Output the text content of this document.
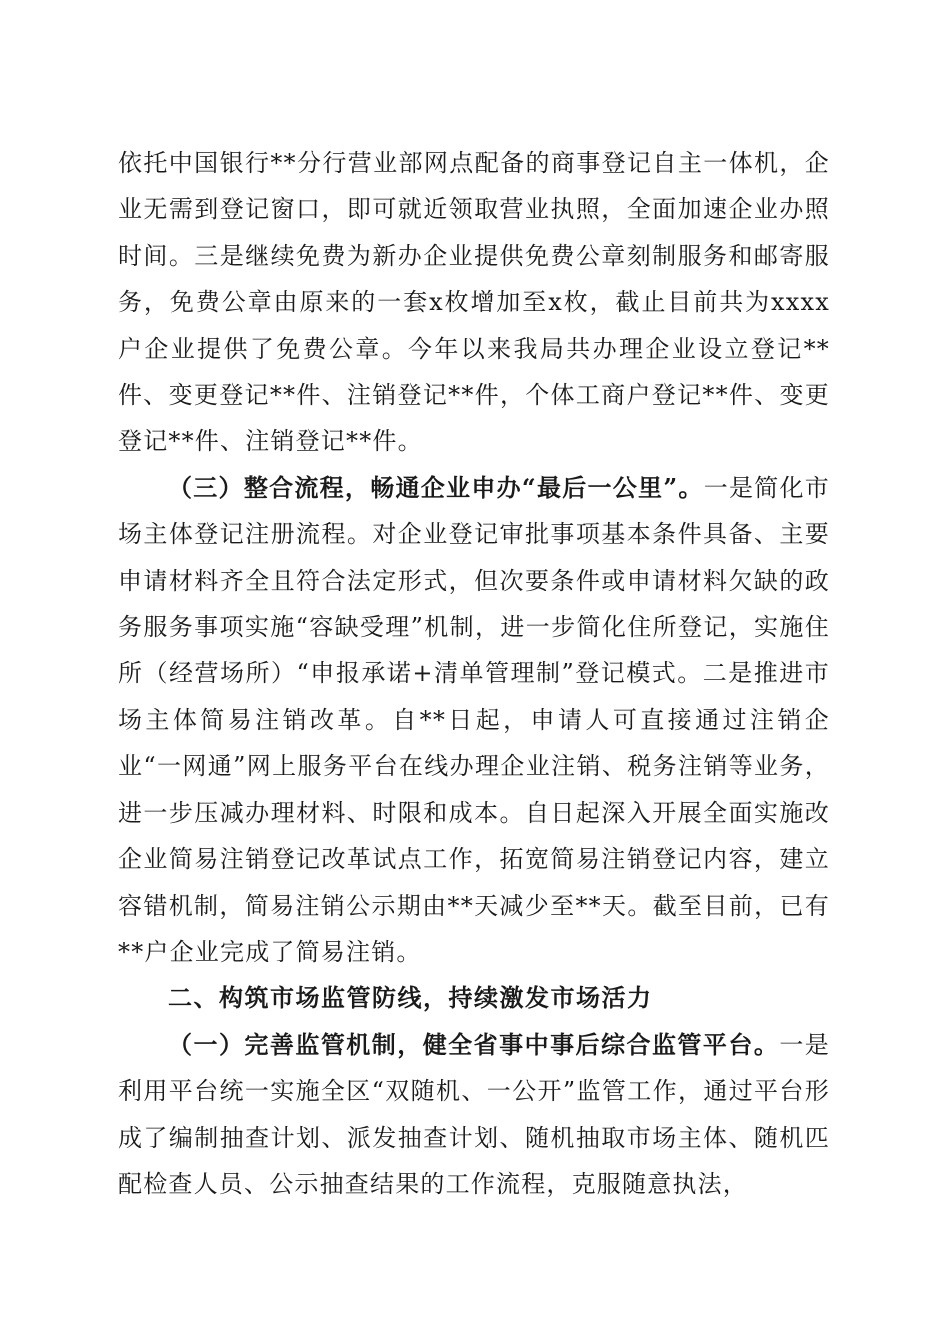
依托中国银行**分行营业部网点配备的商事登记自主一体机，企业无需到登记窗口，即可就近领取营业执照，全面加速企业办照时间。三是继续免费为新办企业提供免费公章刻制服务和邮寄服务，免费公章由原来的一套x枚增加至x枚，截止目前共为xxxx户企业提供了免费公章。今年以来我局共办理企业设立登记**件、变更登记**件、注销登记**件，个体工商户登记**件、变更登记**件、注销登记**件。

（三）整合流程，畅通企业申办“最后一公里”。一是简化市场主体登记注册流程。对企业登记审批事项基本条件具备、主要申请材料齐全且符合法定形式，但次要条件或申请材料欠缺的政务服务事项实施“容缺受理”机制，进一步简化住所登记，实施住所（经营场所）“申报承诺+清单管理制”登记模式。二是推进市场主体简易注销改革。自**日起，申请人可直接通过注销企业“一网通”网上服务平台在线办理企业注销、税务注销等业务，进一步压减办理材料、时限和成本。自日起深入开展全面实施改企业简易注销登记改革试点工作，拓宽简易注销登记内容，建立容错机制，简易注销公示期由**天减少至**天。截至目前，已有**户企业完成了简易注销。

二、构筑市场监管防线，持续激发市场活力

（一）完善监管机制，健全省事中事后综合监管平台。一是利用平台统一实施全区“双随机、一公开”监管工作，通过平台形成了编制抽查计划、派发抽查计划、随机抽取市场主体、随机匹配检查人员、公示抽查结果的工作流程，克服随意执法，
